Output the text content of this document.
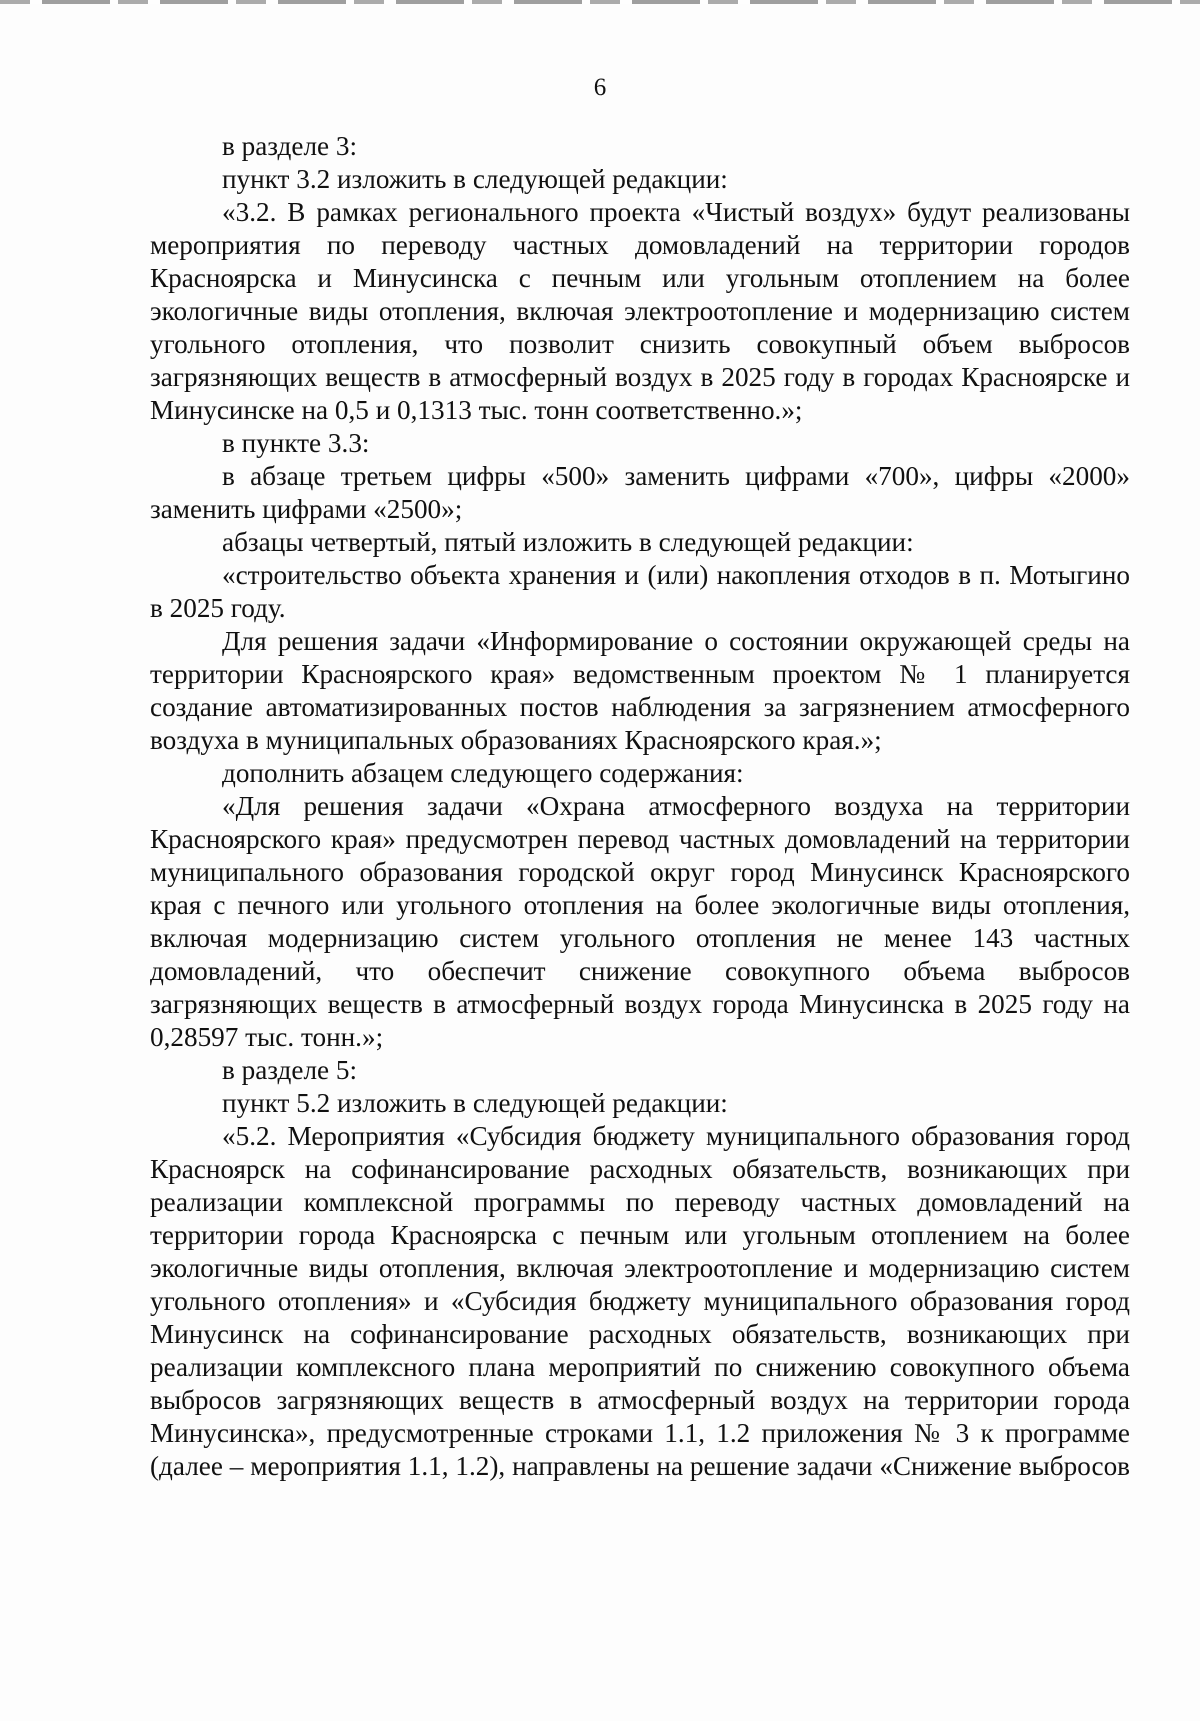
6

в разделе 3:

пункт 3.2 изложить в следующей редакции:

«3.2. В рамках регионального проекта «Чистый воздух» будут реализованы мероприятия по переводу частных домовладений на территории городов Красноярска и Минусинска с печным или угольным отоплением на более экологичные виды отопления, включая электроотопление и модернизацию систем угольного отопления, что позволит снизить совокупный объем выбросов загрязняющих веществ в атмосферный воздух в 2025 году в городах Красноярске и Минусинске на 0,5 и 0,1313 тыс. тонн соответственно.»;

в пункте 3.3:

в абзаце третьем цифры «500» заменить цифрами «700», цифры «2000» заменить цифрами «2500»;

абзацы четвертый, пятый изложить в следующей редакции:

«строительство объекта хранения и (или) накопления отходов в п. Мотыгино в 2025 году.

Для решения задачи «Информирование о состоянии окружающей среды на территории Красноярского края» ведомственным проектом № 1 планируется создание автоматизированных постов наблюдения за загрязнением атмосферного воздуха в муниципальных образованиях Красноярского края.»;

дополнить абзацем следующего содержания:

«Для решения задачи «Охрана атмосферного воздуха на территории Красноярского края» предусмотрен перевод частных домовладений на территории муниципального образования городской округ город Минусинск Красноярского края с печного или угольного отопления на более экологичные виды отопления, включая модернизацию систем угольного отопления не менее 143 частных домовладений, что обеспечит снижение совокупного объема выбросов загрязняющих веществ в атмосферный воздух города Минусинска в 2025 году на 0,28597 тыс. тонн.»;

в разделе 5:

пункт 5.2 изложить в следующей редакции:

«5.2. Мероприятия «Субсидия бюджету муниципального образования город Красноярск на софинансирование расходных обязательств, возникающих при реализации комплексной программы по переводу частных домовладений на территории города Красноярска с печным или угольным отоплением на более экологичные виды отопления, включая электроотопление и модернизацию систем угольного отопления» и «Субсидия бюджету муниципального образования город Минусинск на софинансирование расходных обязательств, возникающих при реализации комплексного плана мероприятий по снижению совокупного объема выбросов загрязняющих веществ в атмосферный воздух на территории города Минусинска», предусмотренные строками 1.1, 1.2 приложения № 3 к программе (далее – мероприятия 1.1, 1.2), направлены на решение задачи «Снижение выбросов
